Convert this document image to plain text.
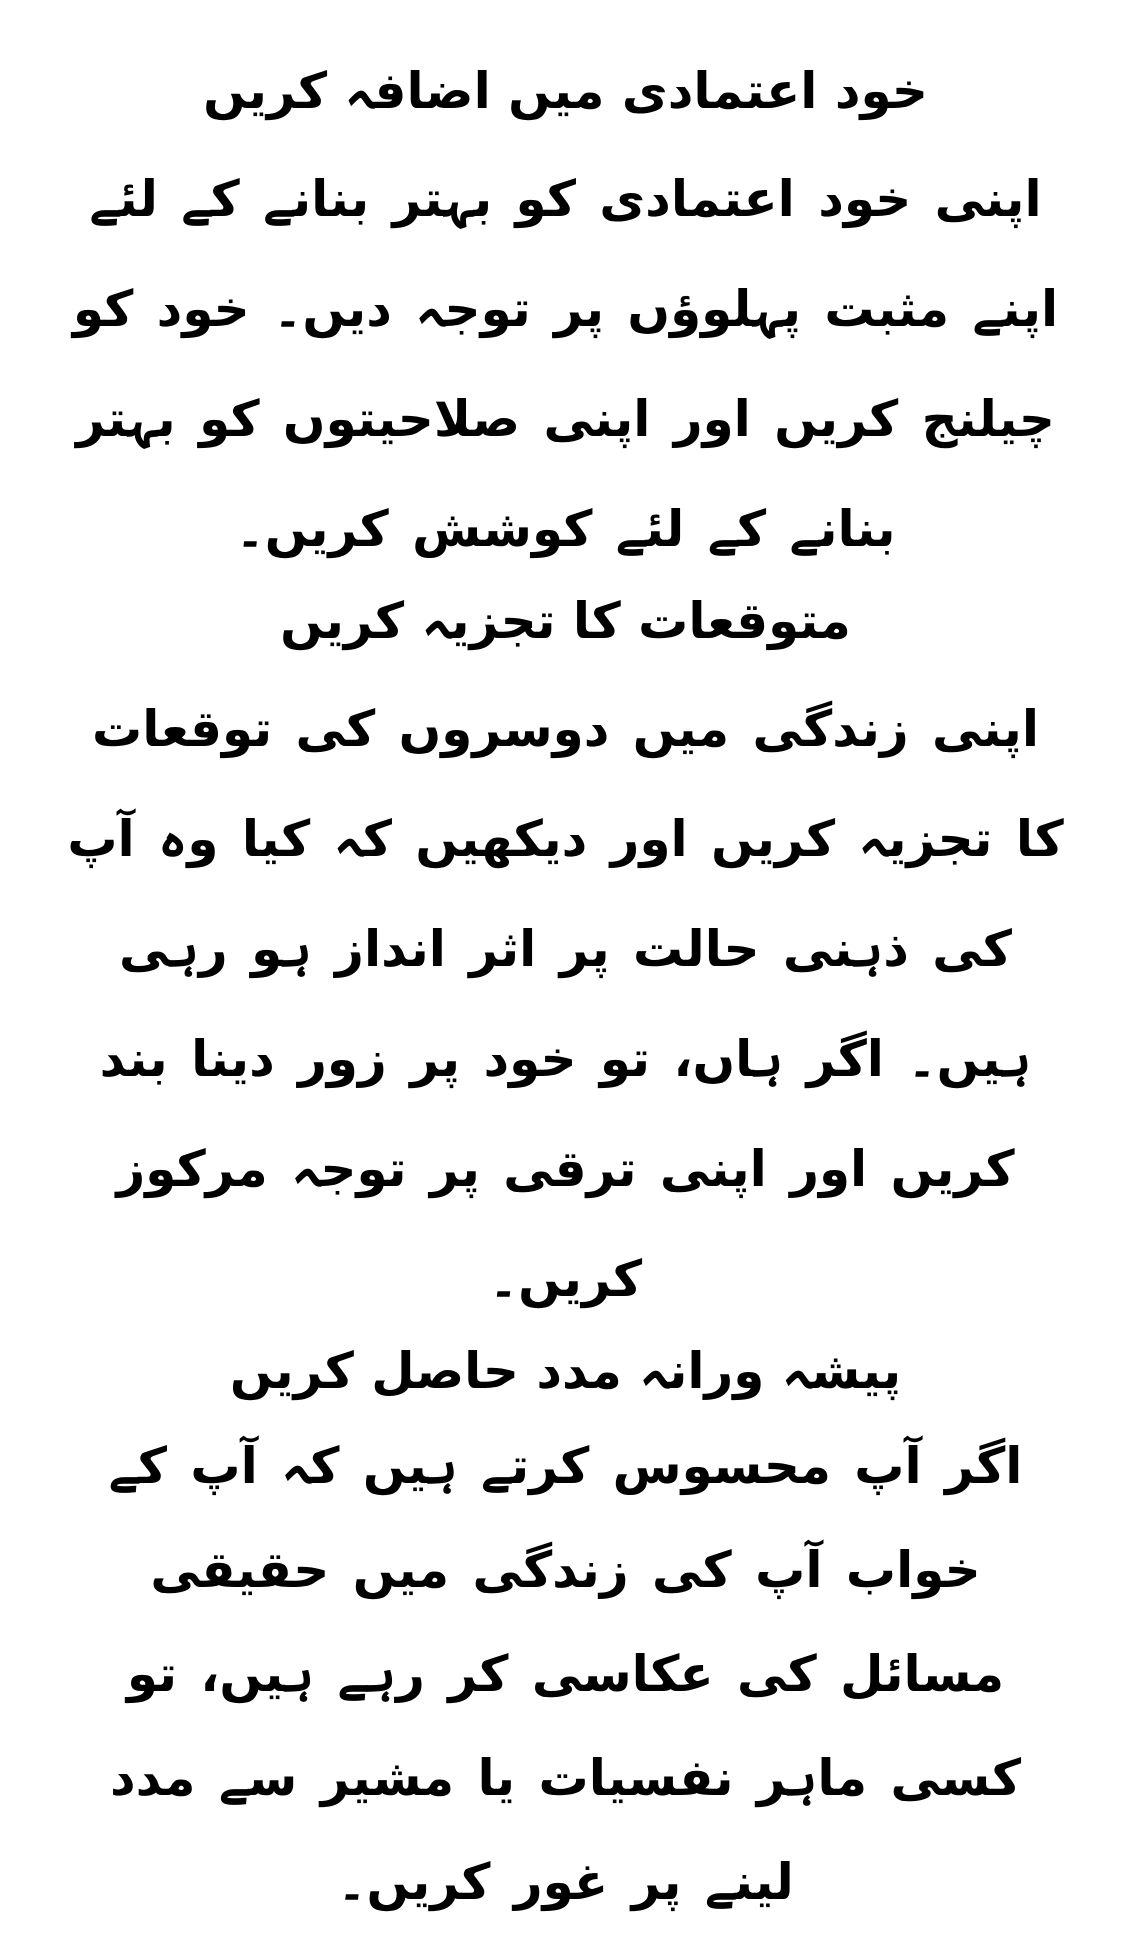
خود اعتمادی میں اضافہ کریں

اپنی خود اعتمادی کو بہتر بنانے کے لئے اپنے مثبت پہلوؤں پر توجہ دیں۔ خود کو چیلنج کریں اور اپنی صلاحیتوں کو بہتر بنانے کے لئے کوشش کریں۔

متوقعات کا تجزیہ کریں

اپنی زندگی میں دوسروں کی توقعات کا تجزیہ کریں اور دیکھیں کہ کیا وہ آپ کی ذہنی حالت پر اثر انداز ہو رہی ہیں۔ اگر ہاں، تو خود پر زور دینا بند کریں اور اپنی ترقی پر توجہ مرکوز کریں۔

پیشہ ورانہ مدد حاصل کریں

اگر آپ محسوس کرتے ہیں کہ آپ کے خواب آپ کی زندگی میں حقیقی مسائل کی عکاسی کر رہے ہیں، تو کسی ماہر نفسیات یا مشیر سے مدد لینے پر غور کریں۔
